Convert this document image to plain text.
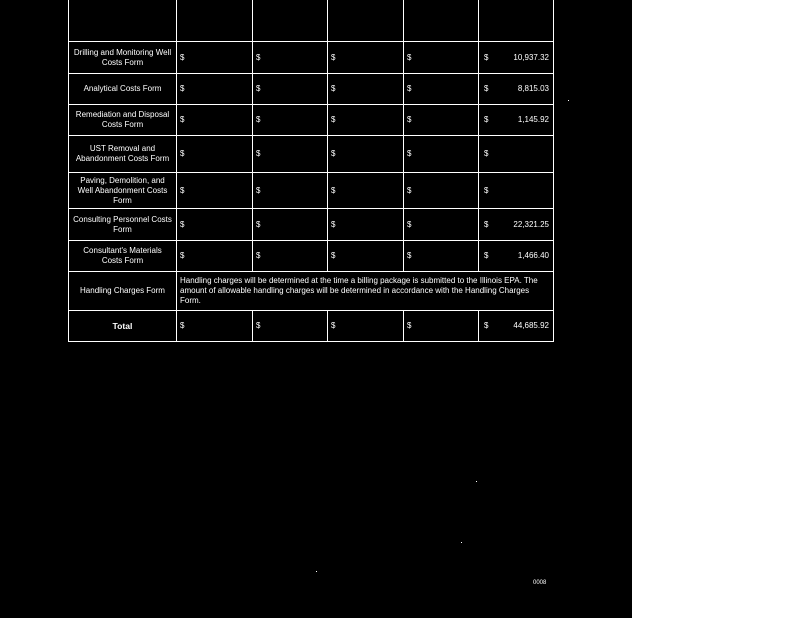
Drilling and Monitoring Well Costs Form	$	$	$	$	$ 10,937.32

Analytical Costs Form	$	$	$	$	$ 8,815.03

Remediation and Disposal Costs Form	$	$	$	$	$ 1,145.92

UST Removal and Abandonment Costs Form	$	$	$	$	$

Paving, Demolition, and Well Abandonment Costs Form	$	$	$	$	$

Consulting Personnel Costs Form	$	$	$	$	$ 22,321.25

Consultant's Materials Costs Form	$	$	$	$	$ 1,466.40

Handling Charges Form	Handling charges will be determined at the time a billing package is submitted to the Illinois EPA. The amount of allowable handling charges will be determined in accordance with the Handling Charges Form.				
Total	$	$	$	$	$ 44,685.92
0008
